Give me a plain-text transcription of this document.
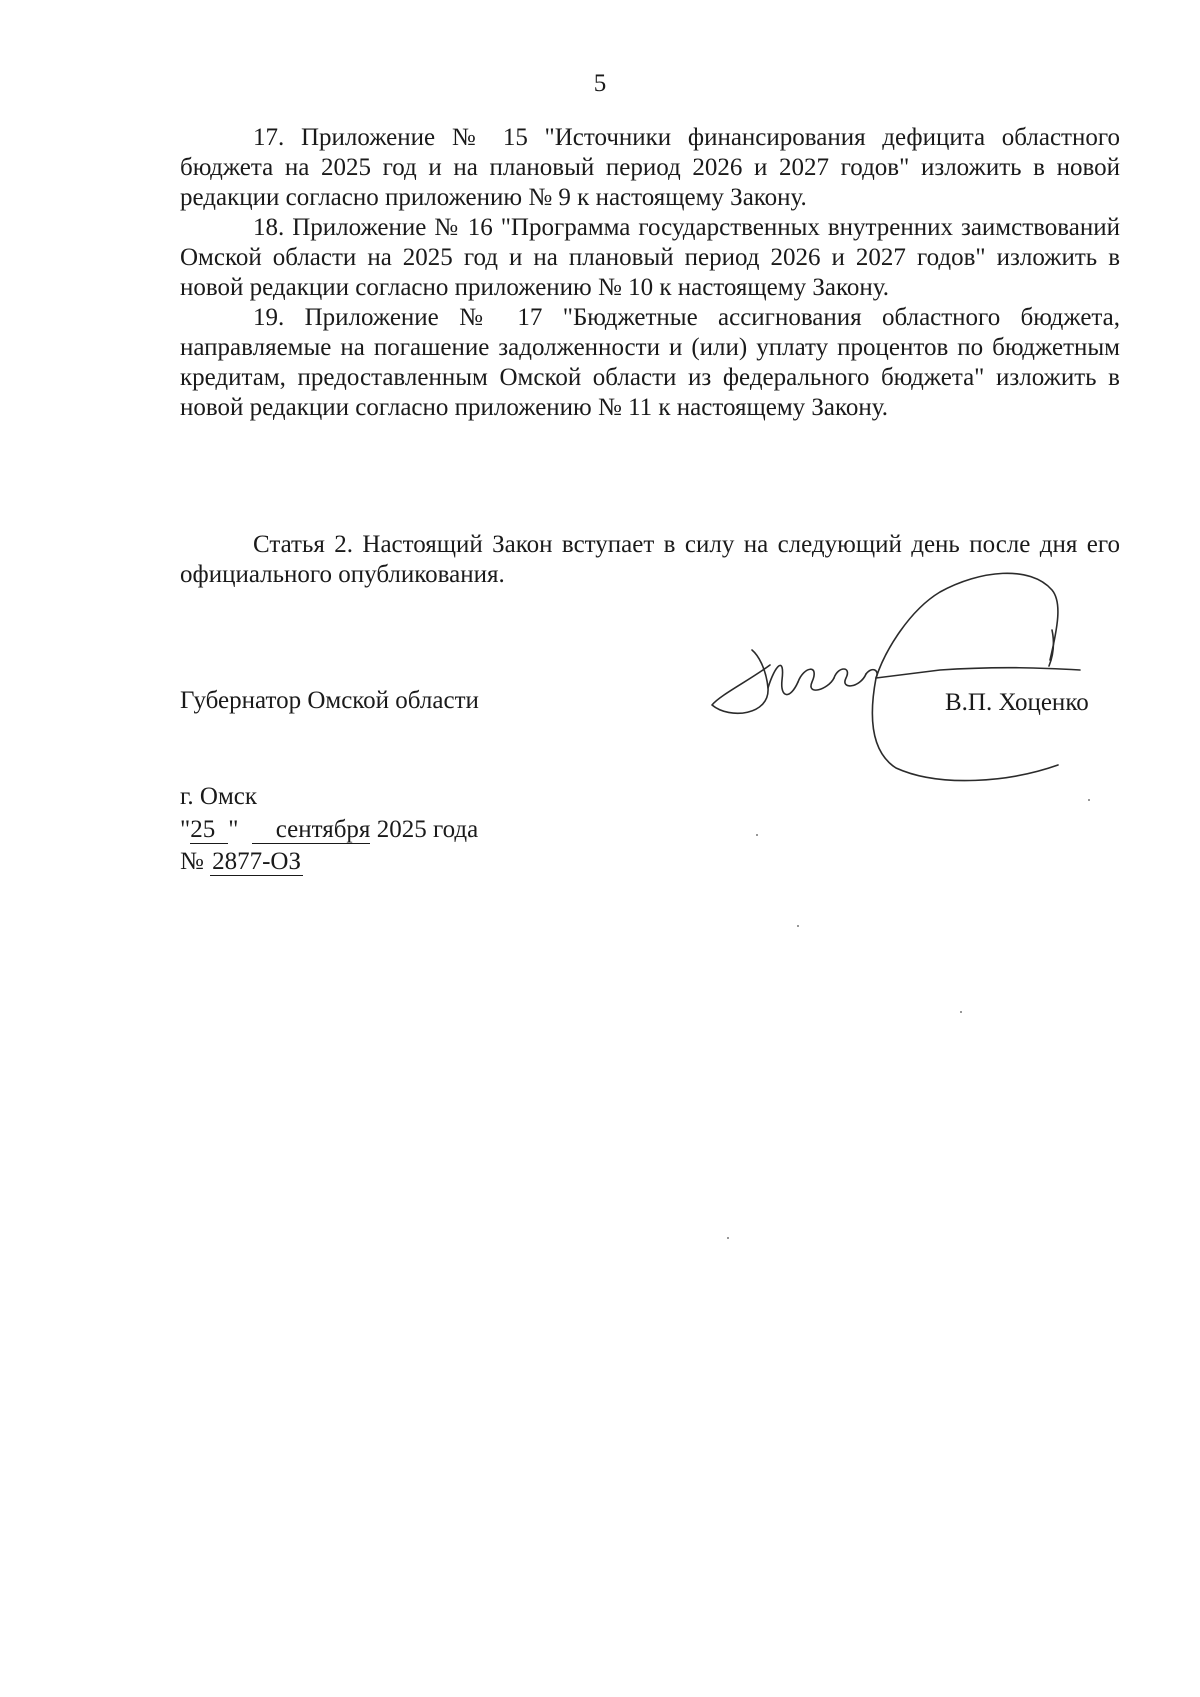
5

17. Приложение № 15 "Источники финансирования дефицита областного бюджета на 2025 год и на плановый период 2026 и 2027 годов" изложить в новой редакции согласно приложению № 9 к настоящему Закону.

18. Приложение № 16 "Программа государственных внутренних заимствований Омской области на 2025 год и на плановый период 2026 и 2027 годов" изложить в новой редакции согласно приложению № 10 к настоящему Закону.

19. Приложение № 17 "Бюджетные ассигнования областного бюджета, направляемые на погашение задолженности и (или) уплату процентов по бюджетным кредитам, предоставленным Омской области из федерального бюджета" изложить в новой редакции согласно приложению № 11 к настоящему Закону.

Статья 2. Настоящий Закон вступает в силу на следующий день после дня его официального опубликования.

Губернатор Омской области	В.П. Хоценко
г. Омск
"25" сентября 2025 года
№ 2877-ОЗ
